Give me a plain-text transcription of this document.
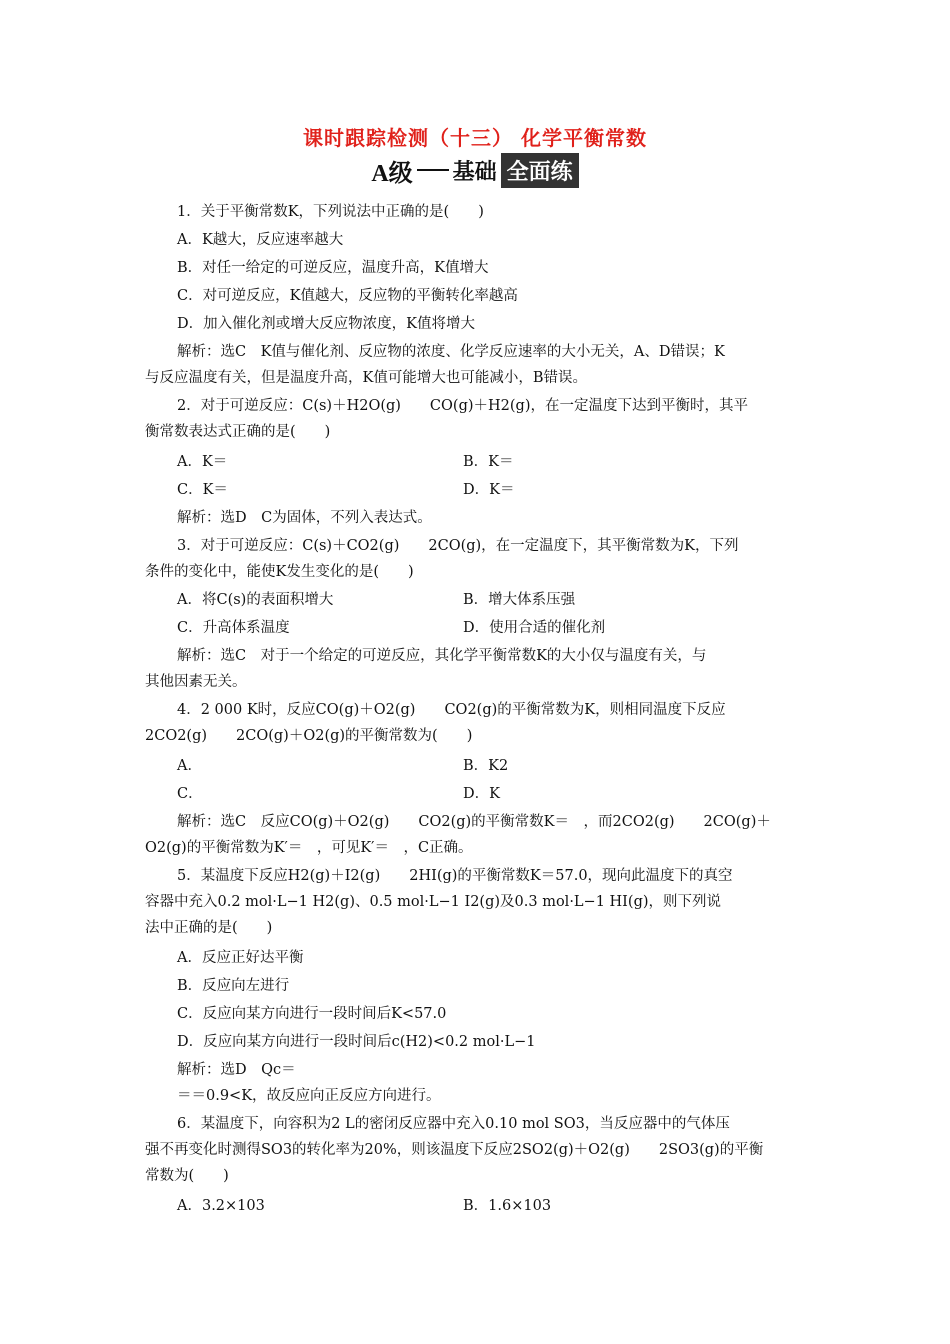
课时跟踪检测（十三） 化学平衡常数
A级 基础 全面练
1．关于平衡常数K，下列说法中正确的是(　　)
A．K越大，反应速率越大
B．对任一给定的可逆反应，温度升高，K值增大
C．对可逆反应，K值越大，反应物的平衡转化率越高
D．加入催化剂或增大反应物浓度，K值将增大
解析：选C　K值与催化剂、反应物的浓度、化学反应速率的大小无关，A、D错误；K
与反应温度有关，但是温度升高，K值可能增大也可能减小，B错误。
2．对于可逆反应：C(s)＋H2O(g)　　CO(g)＋H2(g)，在一定温度下达到平衡时，其平
衡常数表达式正确的是(　　)
A．K＝	B．K＝
C．K＝	D．K＝
解析：选D　C为固体，不列入表达式。
3．对于可逆反应：C(s)＋CO2(g)　　2CO(g)，在一定温度下，其平衡常数为K，下列
条件的变化中，能使K发生变化的是(　　)
A．将C(s)的表面积增大	B．增大体系压强
C．升高体系温度	D．使用合适的催化剂
解析：选C　对于一个给定的可逆反应，其化学平衡常数K的大小仅与温度有关，与
其他因素无关。
4．2 000 K时，反应CO(g)＋O2(g)　　CO2(g)的平衡常数为K，则相同温度下反应
2CO2(g)　　2CO(g)＋O2(g)的平衡常数为(　　)
A．	B．K2
C．	D．K
解析：选C　反应CO(g)＋O2(g)　　CO2(g)的平衡常数K＝　，而2CO2(g)　　2CO(g)＋
O2(g)的平衡常数为K′＝　，可见K′＝　，C正确。
5．某温度下反应H2(g)＋I2(g)　　2HI(g)的平衡常数K＝57.0，现向此温度下的真空
容器中充入0.2 mol·L−1 H2(g)、0.5 mol·L−1 I2(g)及0.3 mol·L−1 HI(g)，则下列说
法中正确的是(　　)
A．反应正好达平衡
B．反应向左进行
C．反应向某方向进行一段时间后K<57.0
D．反应向某方向进行一段时间后c(H2)<0.2 mol·L−1
解析：选D　Qc＝
＝＝0.9<K，故反应向正反应方向进行。
6．某温度下，向容积为2 L的密闭反应器中充入0.10 mol SO3，当反应器中的气体压
强不再变化时测得SO3的转化率为20%，则该温度下反应2SO2(g)＋O2(g)　　2SO3(g)的平衡
常数为(　　)
A．3.2×103	B．1.6×103
